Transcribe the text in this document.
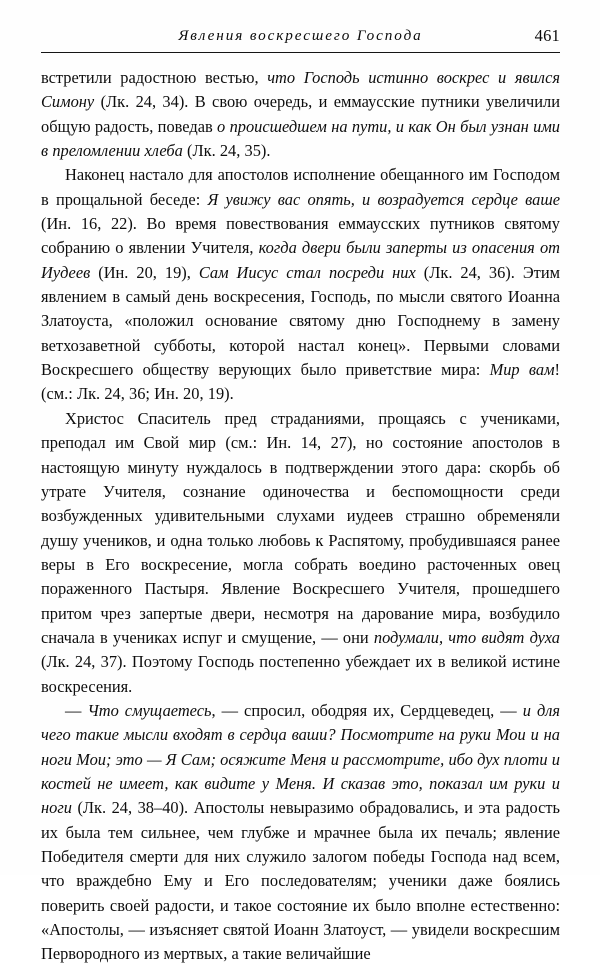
Явления воскресшего Господа	461

встретили радостною вестью, что Господь истинно воскрес и явился Симону (Лк. 24, 34). В свою очередь, и еммаусские путники увеличили общую радость, поведав о происшедшем на пути, и как Он был узнан ими в преломлении хлеба (Лк. 24, 35).

Наконец настало для апостолов исполнение обещанного им Господом в прощальной беседе: Я увижу вас опять, и возрадуется сердце ваше (Ин. 16, 22). Во время повествования еммаусских путников святому собранию о явлении Учителя, когда двери были заперты из опасения от Иудеев (Ин. 20, 19), Сам Иисус стал посреди них (Лк. 24, 36). Этим явлением в самый день воскресения, Господь, по мысли святого Иоанна Златоуста, «положил основание святому дню Господнему в замену ветхозаветной субботы, которой настал конец». Первыми словами Воскресшего обществу верующих было приветствие мира: Мир вам! (см.: Лк. 24, 36; Ин. 20, 19).

Христос Спаситель пред страданиями, прощаясь с учениками, преподал им Свой мир (см.: Ин. 14, 27), но состояние апостолов в настоящую минуту нуждалось в подтверждении этого дара: скорбь об утрате Учителя, сознание одиночества и беспомощности среди возбужденных удивительными слухами иудеев страшно обременяли душу учеников, и одна только любовь к Распятому, пробудившаяся ранее веры в Его воскресение, могла собрать воедино расточенных овец пораженного Пастыря. Явление Воскресшего Учителя, прошедшего притом чрез запертые двери, несмотря на дарование мира, возбудило сначала в учениках испуг и смущение, — они подумали, что видят духа (Лк. 24, 37). Поэтому Господь постепенно убеждает их в великой истине воскресения.

— Что смущаетесь, — спросил, ободряя их, Сердцеведец, — и для чего такие мысли входят в сердца ваши? Посмотрите на руки Мои и на ноги Мои; это — Я Сам; осяжите Меня и рассмотрите, ибо дух плоти и костей не имеет, как видите у Меня. И сказав это, показал им руки и ноги (Лк. 24, 38–40). Апостолы невыразимо обрадовались, и эта радость их была тем сильнее, чем глубже и мрачнее была их печаль; явление Победителя смерти для них служило залогом победы Господа над всем, что враждебно Ему и Его последователям; ученики даже боялись поверить своей радости, и такое состояние их было вполне естественно: «Апостолы, — изъясняет святой Иоанн Златоуст, — увидели воскресшим Первородного из мертвых, а такие величайшие
